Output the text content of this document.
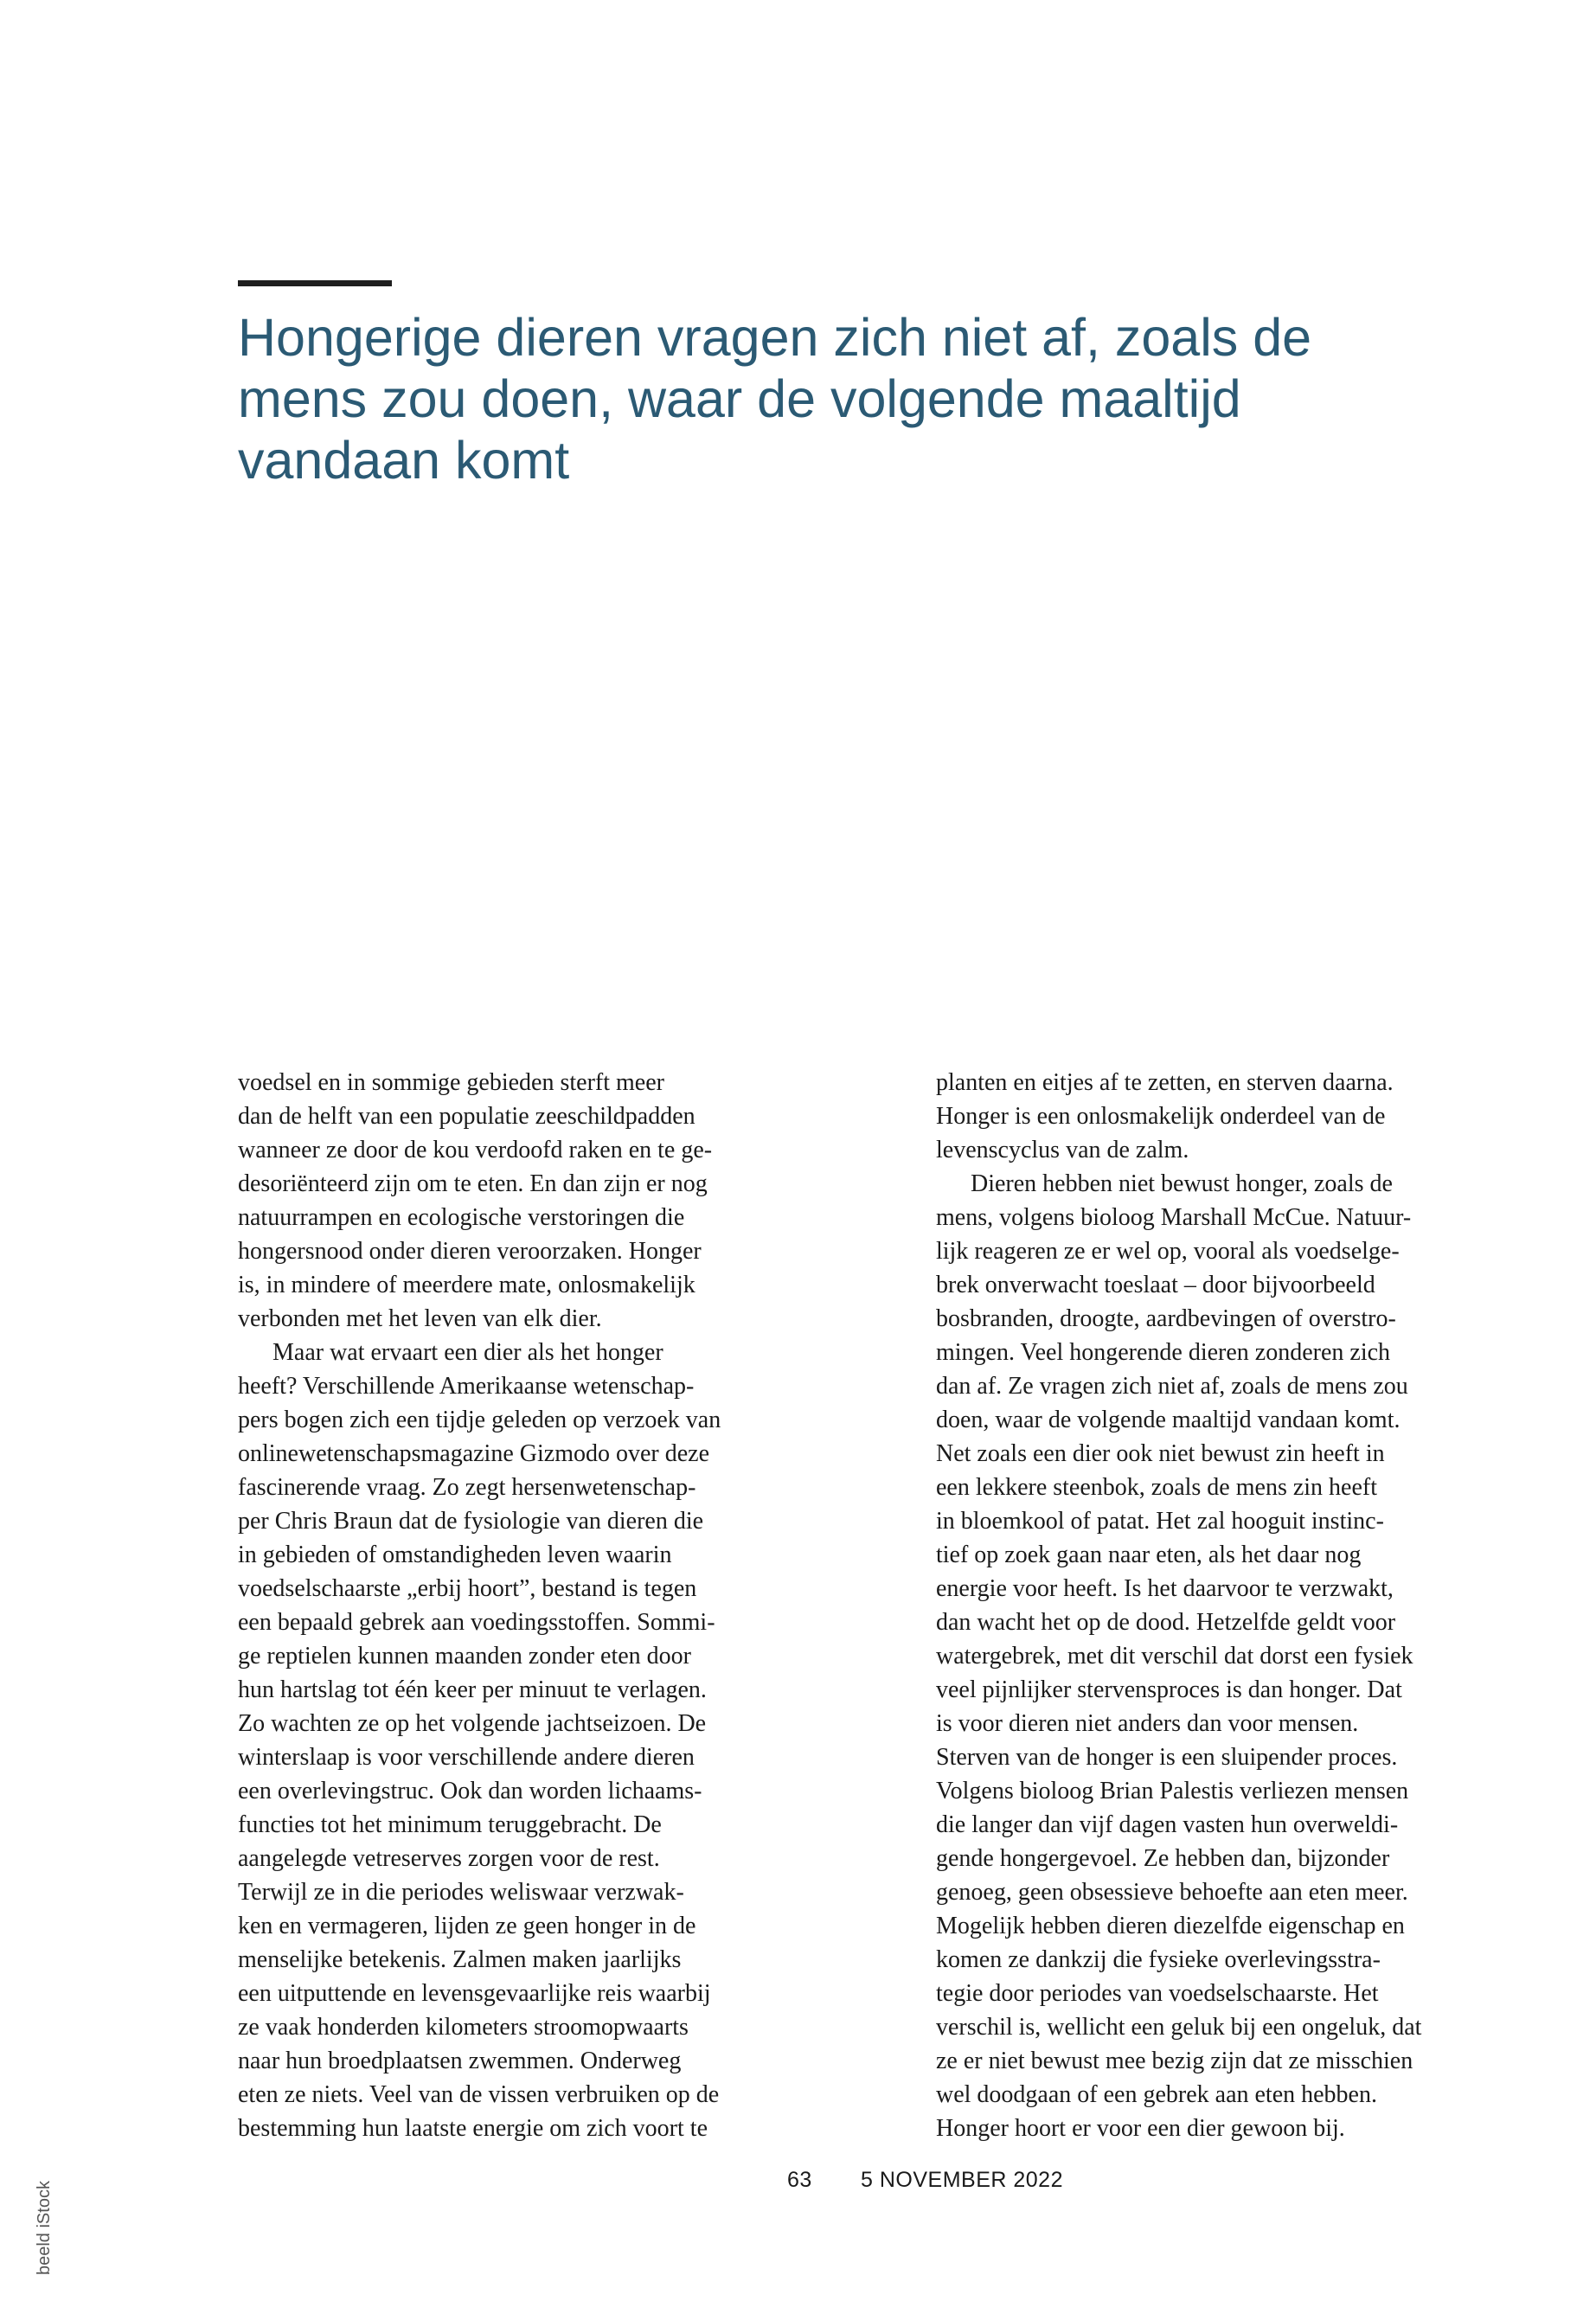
Hongerige dieren vragen zich niet af, zoals de
mens zou doen, waar de volgende maaltijd
vandaan komt
voedsel en in sommige gebieden sterft meer
dan de helft van een populatie zeeschildpadden
wanneer ze door de kou verdoofd raken en te ge-
desoriënteerd zijn om te eten. En dan zijn er nog
natuurrampen en ecologische verstoringen die
hongersnood onder dieren veroorzaken. Honger
is, in mindere of meerdere mate, onlosmakelijk
verbonden met het leven van elk dier.
Maar wat ervaart een dier als het honger
heeft? Verschillende Amerikaanse wetenschap-
pers bogen zich een tijdje geleden op verzoek van
onlinewetenschapsmagazine Gizmodo over deze
fascinerende vraag. Zo zegt hersenwetenschap-
per Chris Braun dat de fysiologie van dieren die
in gebieden of omstandigheden leven waarin
voedselschaarste „erbij hoort”, bestand is tegen
een bepaald gebrek aan voedingsstoffen. Sommi-
ge reptielen kunnen maanden zonder eten door
hun hartslag tot één keer per minuut te verlagen.
Zo wachten ze op het volgende jachtseizoen. De
winterslaap is voor verschillende andere dieren
een overlevingstruc. Ook dan worden lichaams-
functies tot het minimum teruggebracht. De
aangelegde vetreserves zorgen voor de rest.
Terwijl ze in die periodes weliswaar verzwak-
ken en vermageren, lijden ze geen honger in de
menselijke betekenis. Zalmen maken jaarlijks
een uitputtende en levensgevaarlijke reis waarbij
ze vaak honderden kilometers stroomopwaarts
naar hun broedplaatsen zwemmen. Onderweg
eten ze niets. Veel van de vissen verbruiken op de
bestemming hun laatste energie om zich voort te
planten en eitjes af te zetten, en sterven daarna.
Honger is een onlosmakelijk onderdeel van de
levenscyclus van de zalm.
Dieren hebben niet bewust honger, zoals de
mens, volgens bioloog Marshall McCue. Natuur-
lijk reageren ze er wel op, vooral als voedselge-
brek onverwacht toeslaat – door bijvoorbeeld
bosbranden, droogte, aardbevingen of overstro-
mingen. Veel hongerende dieren zonderen zich
dan af. Ze vragen zich niet af, zoals de mens zou
doen, waar de volgende maaltijd vandaan komt.
Net zoals een dier ook niet bewust zin heeft in
een lekkere steenbok, zoals de mens zin heeft
in bloemkool of patat. Het zal hooguit instinc-
tief op zoek gaan naar eten, als het daar nog
energie voor heeft. Is het daarvoor te verzwakt,
dan wacht het op de dood. Hetzelfde geldt voor
watergebrek, met dit verschil dat dorst een fysiek
veel pijnlijker stervensproces is dan honger. Dat
is voor dieren niet anders dan voor mensen.
Sterven van de honger is een sluipender proces.
Volgens bioloog Brian Palestis verliezen mensen
die langer dan vijf dagen vasten hun overweldi-
gende hongergevoel. Ze hebben dan, bijzonder
genoeg, geen obsessieve behoefte aan eten meer.
Mogelijk hebben dieren diezelfde eigenschap en
komen ze dankzij die fysieke overlevingsstra-
tegie door periodes van voedselschaarste. Het
verschil is, wellicht een geluk bij een ongeluk, dat
ze er niet bewust mee bezig zijn dat ze misschien
wel doodgaan of een gebrek aan eten hebben.
Honger hoort er voor een dier gewoon bij.
63 5 NOVEMBER 2022
beeld iStock
